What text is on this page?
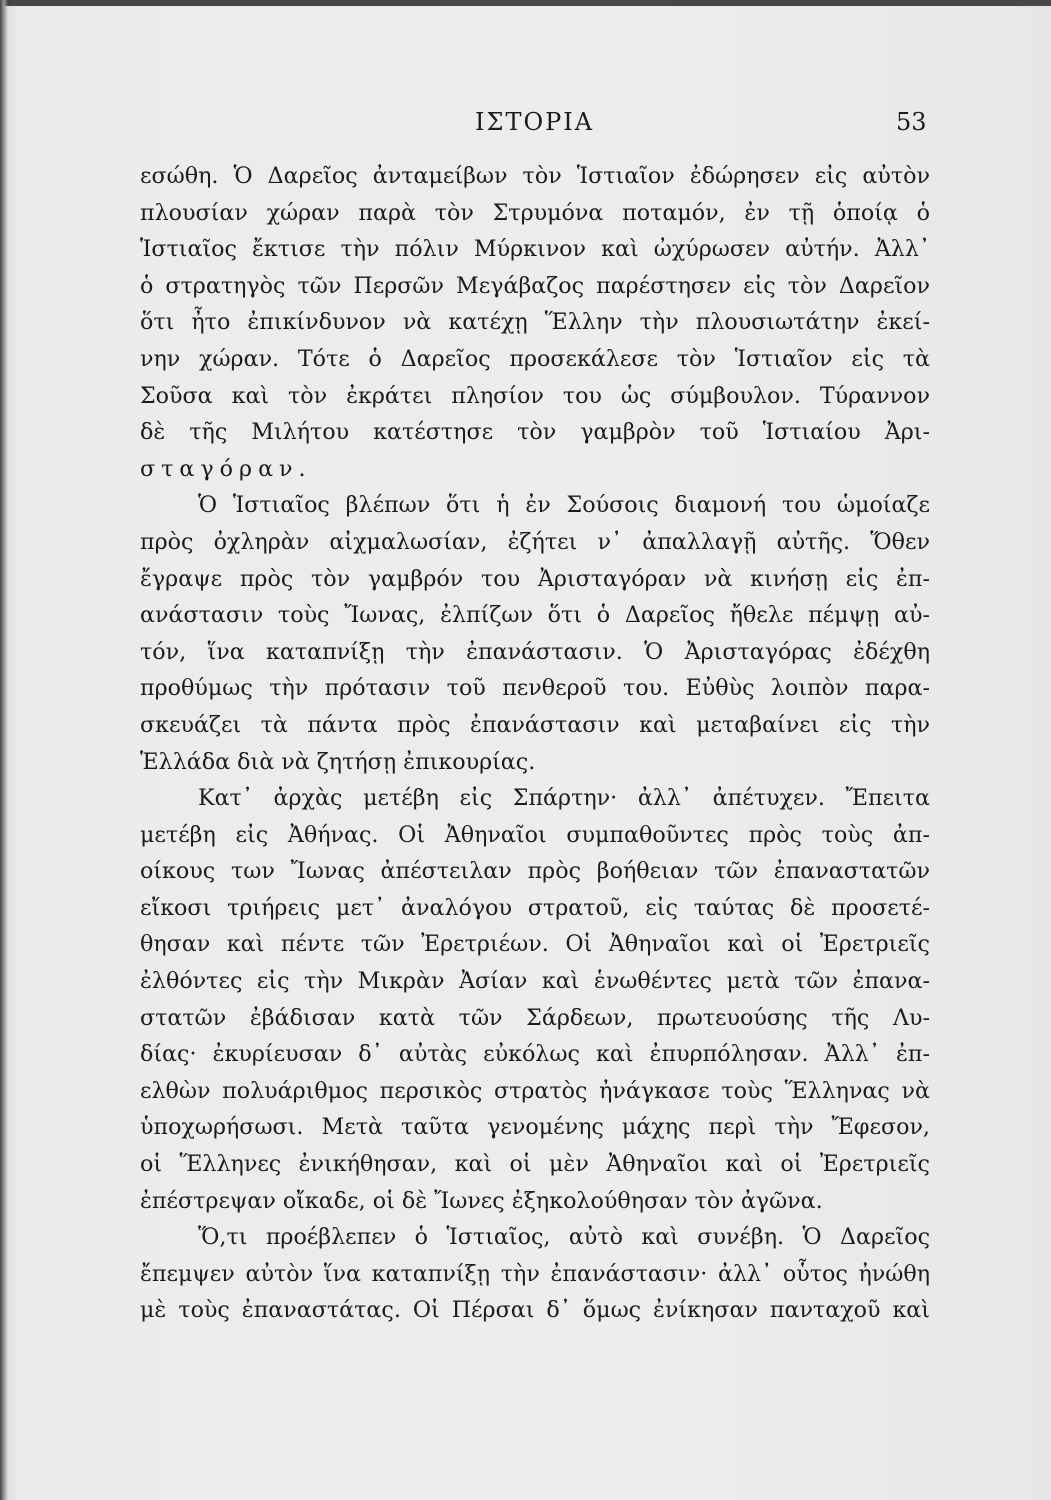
ΙΣΤΟΡΙΑ	53
εσώθη. Ὁ Δαρεῖος ἀνταμείβων τὸν Ἱστιαῖον ἐδώρησεν εἰς αὐτὸν
πλουσίαν χώραν παρὰ τὸν Στρυμόνα ποταμόν, ἐν τῇ ὁποίᾳ ὁ
Ἱστιαῖος ἔκτισε τὴν πόλιν Μύρκινον καὶ ὠχύρωσεν αὐτήν. Ἀλλ᾽
ὁ στρατηγὸς τῶν Περσῶν Μεγάβαζος παρέστησεν εἰς τὸν Δαρεῖον
ὅτι ἦτο ἐπικίνδυνον νὰ κατέχῃ Ἕλλην τὴν πλουσιωτάτην ἐκεί-
νην χώραν. Τότε ὁ Δαρεῖος προσεκάλεσε τὸν Ἱστιαῖον εἰς τὰ
Σοῦσα καὶ τὸν ἐκράτει πλησίον του ὡς σύμβουλον. Τύραννον
δὲ τῆς Μιλήτου κατέστησε τὸν γαμβρὸν τοῦ Ἱστιαίου Ἀρι-
σταγόραν.
Ὁ Ἱστιαῖος βλέπων ὅτι ἡ ἐν Σούσοις διαμονή του ὡμοίαζε
πρὸς ὀχληρὰν αἰχμαλωσίαν, ἐζήτει ν᾽ ἀπαλλαγῇ αὐτῆς. Ὅθεν
ἔγραψε πρὸς τὸν γαμβρόν του Ἀρισταγόραν νὰ κινήσῃ εἰς ἐπ-
ανάστασιν τοὺς Ἴωνας, ἐλπίζων ὅτι ὁ Δαρεῖος ἤθελε πέμψῃ αὐ-
τόν, ἵνα καταπνίξῃ τὴν ἐπανάστασιν. Ὁ Ἀρισταγόρας ἐδέχθη
προθύμως τὴν πρότασιν τοῦ πενθεροῦ του. Εὐθὺς λοιπὸν παρα-
σκευάζει τὰ πάντα πρὸς ἐπανάστασιν καὶ μεταβαίνει εἰς τὴν
Ἑλλάδα διὰ νὰ ζητήσῃ ἐπικουρίας.
Κατ᾽ ἀρχὰς μετέβη εἰς Σπάρτην· ἀλλ᾽ ἀπέτυχεν. Ἔπειτα
μετέβη εἰς Ἀθήνας. Οἱ Ἀθηναῖοι συμπαθοῦντες πρὸς τοὺς ἀπ-
οίκους των Ἴωνας ἀπέστειλαν πρὸς βοήθειαν τῶν ἐπαναστατῶν
εἴκοσι τριήρεις μετ᾽ ἀναλόγου στρατοῦ, εἰς ταύτας δὲ προσετέ-
θησαν καὶ πέντε τῶν Ἐρετριέων. Οἱ Ἀθηναῖοι καὶ οἱ Ἐρετριεῖς
ἐλθόντες εἰς τὴν Μικρὰν Ἀσίαν καὶ ἑνωθέντες μετὰ τῶν ἐπανα-
στατῶν ἐβάδισαν κατὰ τῶν Σάρδεων, πρωτευούσης τῆς Λυ-
δίας· ἐκυρίευσαν δ᾽ αὐτὰς εὐκόλως καὶ ἐπυρπόλησαν. Ἀλλ᾽ ἐπ-
ελθὼν πολυάριθμος περσικὸς στρατὸς ἠνάγκασε τοὺς Ἕλληνας νὰ
ὑποχωρήσωσι. Μετὰ ταῦτα γενομένης μάχης περὶ τὴν Ἔφεσον,
οἱ Ἕλληνες ἐνικήθησαν, καὶ οἱ μὲν Ἀθηναῖοι καὶ οἱ Ἐρετριεῖς
ἐπέστρεψαν οἴκαδε, οἱ δὲ Ἴωνες ἐξηκολούθησαν τὸν ἀγῶνα.
Ὅ,τι προέβλεπεν ὁ Ἱστιαῖος, αὐτὸ καὶ συνέβη. Ὁ Δαρεῖος
ἔπεμψεν αὐτὸν ἵνα καταπνίξῃ τὴν ἐπανάστασιν· ἀλλ᾽ οὗτος ἠνώθη
μὲ τοὺς ἐπαναστάτας. Οἱ Πέρσαι δ᾽ ὅμως ἐνίκησαν πανταχοῦ καὶ
